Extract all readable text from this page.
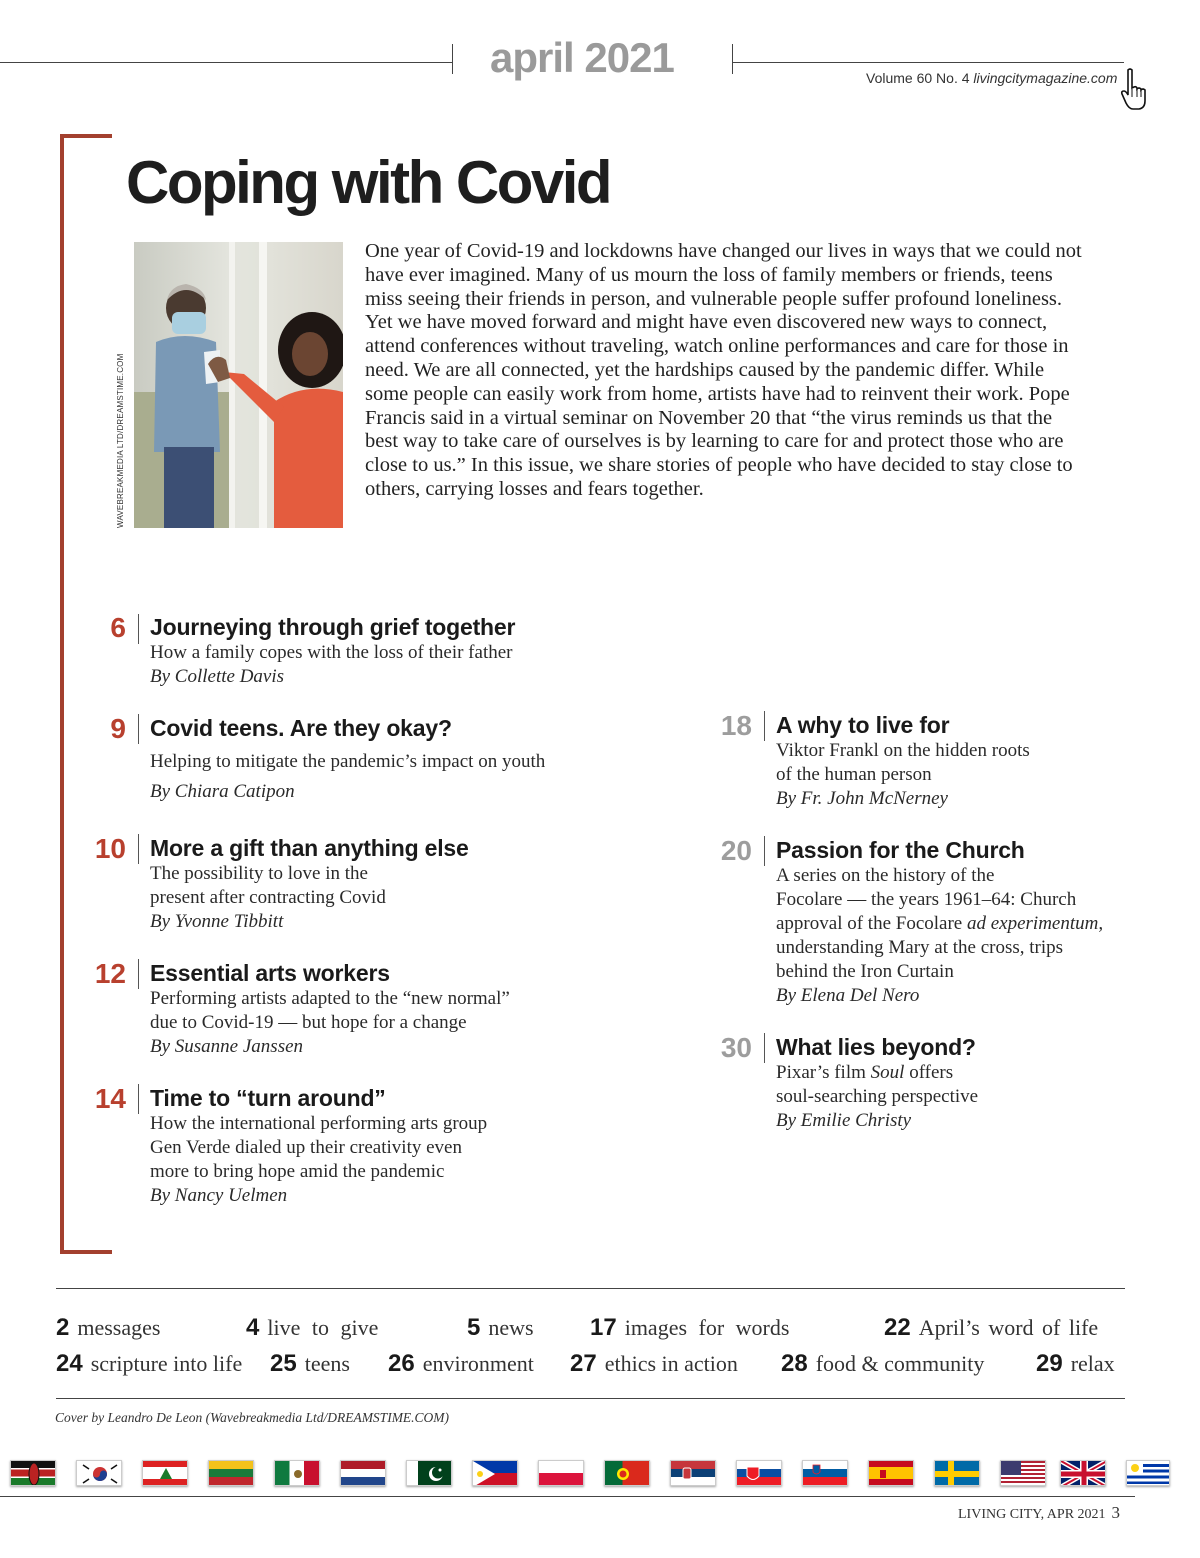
april 2021	Volume 60 No. 4 livingcitymagazine.com
Coping with Covid
WAVEBREAKMEDIA LTD/DREAMSTIME.COM
One year of Covid-19 and lockdowns have changed our lives in ways that we could not have ever imagined. Many of us mourn the loss of family members or friends, teens miss seeing their friends in person, and vulnerable people suffer profound loneliness. Yet we have moved forward and might have even discovered new ways to connect, attend conferences without traveling, watch online performances and care for those in need. We are all connected, yet the hardships caused by the pandemic differ. While some people can easily work from home, artists have had to reinvent their work. Pope Francis said in a virtual seminar on November 20 that “the virus reminds us that the best way to take care of ourselves is by learning to care for and protect those who are close to us.” In this issue, we share stories of people who have decided to stay close to others, carrying losses and fears together.
6 Journeying through grief together
How a family copes with the loss of their father
By Collette Davis
9 Covid teens. Are they okay?
Helping to mitigate the pandemic’s impact on youth
By Chiara Catipon
10 More a gift than anything else
The possibility to love in the
present after contracting Covid
By Yvonne Tibbitt
12 Essential arts workers
Performing artists adapted to the “new normal”
due to Covid-19 — but hope for a change
By Susanne Janssen
14 Time to “turn around”
How the international performing arts group
Gen Verde dialed up their creativity even
more to bring hope amid the pandemic
By Nancy Uelmen
18 A why to live for
Viktor Frankl on the hidden roots
of the human person
By Fr. John McNerney
20 Passion for the Church
A series on the history of the
Focolare — the years 1961–64: Church
approval of the Focolare ad experimentum,
understanding Mary at the cross, trips
behind the Iron Curtain
By Elena Del Nero
30 What lies beyond?
Pixar’s film Soul offers
soul-searching perspective
By Emilie Christy
2 messages	4 live to give	5 news 17 images for words	22 April’s word of life
24 scripture into life 25 teens 26 environment 27 ethics in action 28 food & community 29 relax
Cover by Leandro De Leon (Wavebreakmedia Ltd/DREAMSTIME.COM)
LIVING CITY, APR 2021 3
